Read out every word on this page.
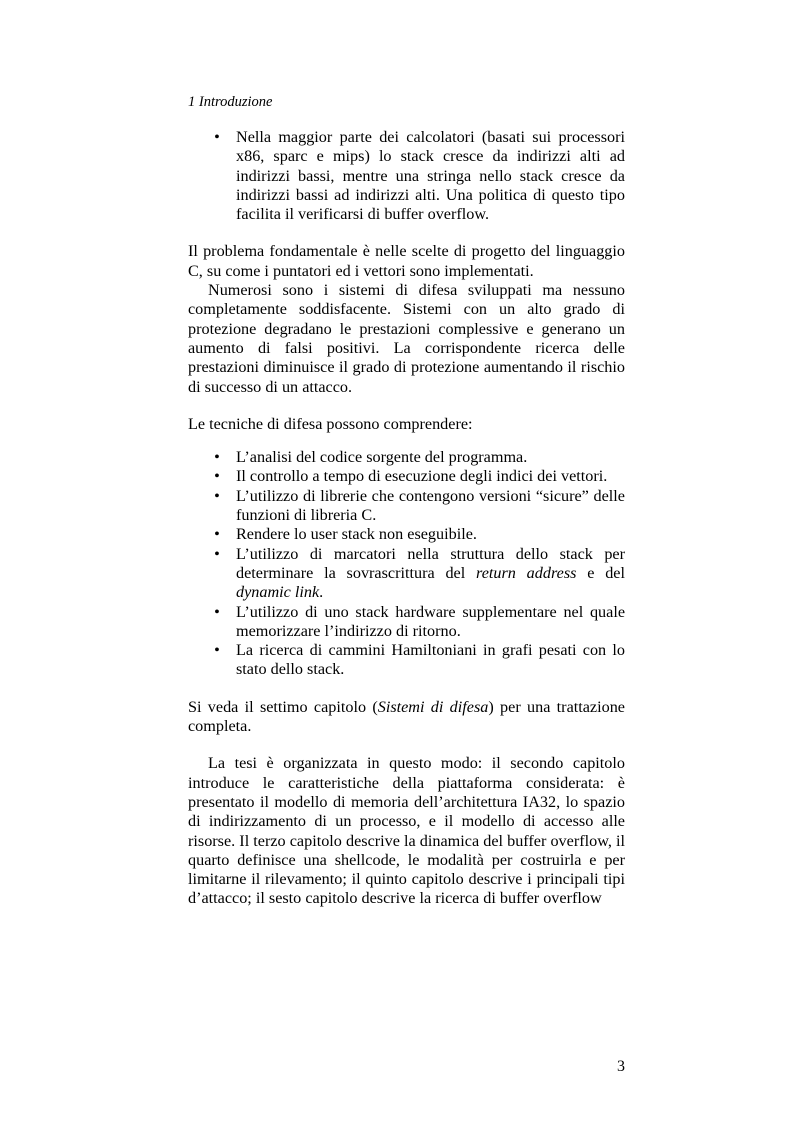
1 Introduzione
• Nella maggior parte dei calcolatori (basati sui processori x86, sparc e mips) lo stack cresce da indirizzi alti ad indirizzi bassi, mentre una stringa nello stack cresce da indirizzi bassi ad indirizzi alti. Una politica di questo tipo facilita il verificarsi di buffer overflow.

Il problema fondamentale è nelle scelte di progetto del linguaggio C, su come i puntatori ed i vettori sono implementati.

Numerosi sono i sistemi di difesa sviluppati ma nessuno completamente soddisfacente. Sistemi con un alto grado di protezione degradano le prestazioni complessive e generano un aumento di falsi positivi. La corrispondente ricerca delle prestazioni diminuisce il grado di protezione aumentando il rischio di successo di un attacco.

Le tecniche di difesa possono comprendere:

• L’analisi del codice sorgente del programma.
• Il controllo a tempo di esecuzione degli indici dei vettori.
• L’utilizzo di librerie che contengono versioni “sicure” delle funzioni di libreria C.
• Rendere lo user stack non eseguibile.
• L’utilizzo di marcatori nella struttura dello stack per determinare la sovrascrittura del return address e del dynamic link.
• L’utilizzo di uno stack hardware supplementare nel quale memorizzare l’indirizzo di ritorno.
• La ricerca di cammini Hamiltoniani in grafi pesati con lo stato dello stack.

Si veda il settimo capitolo (Sistemi di difesa) per una trattazione completa.

La tesi è organizzata in questo modo: il secondo capitolo introduce le caratteristiche della piattaforma considerata: è presentato il modello di memoria dell’architettura IA32, lo spazio di indirizzamento di un processo, e il modello di accesso alle risorse. Il terzo capitolo descrive la dinamica del buffer overflow, il quarto definisce una shellcode, le modalità per costruirla e per limitarne il rilevamento; il quinto capitolo descrive i principali tipi d’attacco; il sesto capitolo descrive la ricerca di buffer overflow

3
